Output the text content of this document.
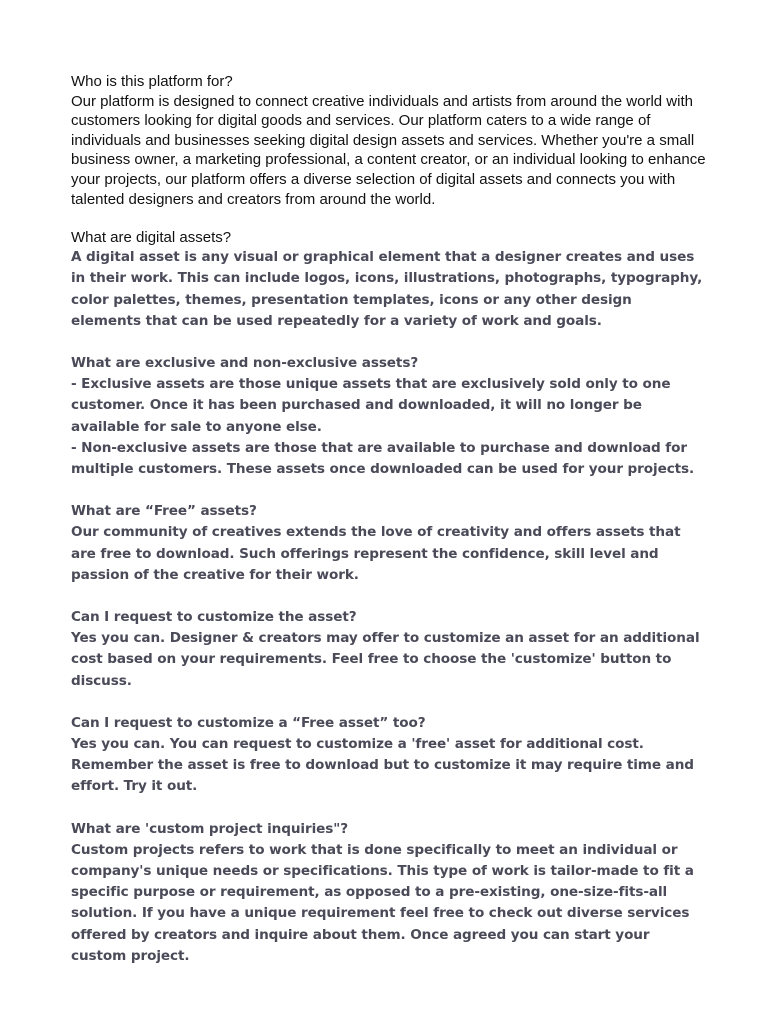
Who is this platform for?

Our platform is designed to connect creative individuals and artists from around the world with customers looking for digital goods and services. Our platform caters to a wide range of individuals and businesses seeking digital design assets and services. Whether you're a small business owner, a marketing professional, a content creator, or an individual looking to enhance your projects, our platform offers a diverse selection of digital assets and connects you with talented designers and creators from around the world.

What are digital assets?

A digital asset is any visual or graphical element that a designer creates and uses in their work. This can include logos, icons, illustrations, photographs, typography, color palettes, themes, presentation templates, icons or any other design elements that can be used repeatedly for a variety of work and goals.

What are exclusive and non-exclusive assets?

- Exclusive assets are those unique assets that are exclusively sold only to one customer. Once it has been purchased and downloaded, it will no longer be available for sale to anyone else.

- Non-exclusive assets are those that are available to purchase and download for multiple customers. These assets once downloaded can be used for your projects.

What are “Free” assets?

Our community of creatives extends the love of creativity and offers assets that are free to download. Such offerings represent the confidence, skill level and passion of the creative for their work.

Can I request to customize the asset?

Yes you can. Designer & creators may offer to customize an asset for an additional cost based on your requirements. Feel free to choose the 'customize' button to discuss.

Can I request to customize a “Free asset” too?

Yes you can. You can request to customize a 'free' asset for additional cost. Remember the asset is free to download but to customize it may require time and effort. Try it out.

What are 'custom project inquiries"?

Custom projects refers to work that is done specifically to meet an individual or company's unique needs or specifications. This type of work is tailor-made to fit a specific purpose or requirement, as opposed to a pre-existing, one-size-fits-all solution. If you have a unique requirement feel free to check out diverse services offered by creators and inquire about them. Once agreed you can start your custom project.
